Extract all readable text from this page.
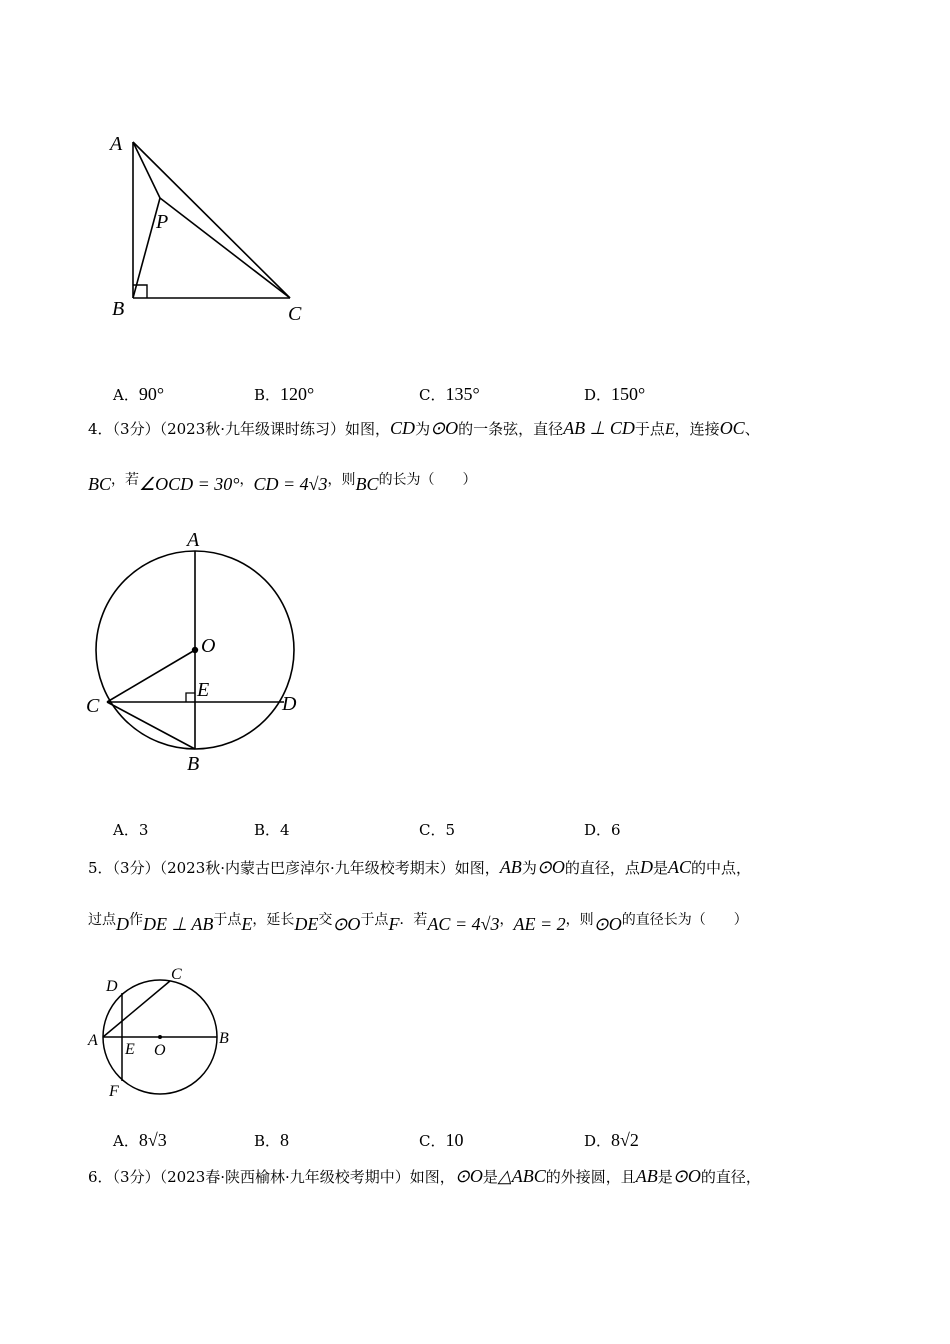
A
B	C
P
A．90°	B．120°	C．135°	D．150°
4．（3分）（2023秋·九年级课时练习）如图，CD为⊙O的一条弦，直径AB ⊥ CD于点E，连接OC、
BC，若∠OCD = 30°，CD = 4√3，则BC的长为（　　）
A
O
E
C	D
B
A．3	B．4	C．5	D．6
5．（3分）（2023秋·内蒙古巴彦淖尔·九年级校考期末）如图，AB为⊙O的直径，点D是AC的中点，
过点D作DE ⊥ AB于点E，延长DE交⊙O于点F．若AC = 4√3，AE = 2，则⊙O的直径长为（　　）
D
C
A
E O
B
F
A．8√3	B．8	C．10	D．8√2
6．（3分）（2023春·陕西榆林·九年级校考期中）如图，⊙O是△ABC的外接圆，且AB是⊙O的直径，
